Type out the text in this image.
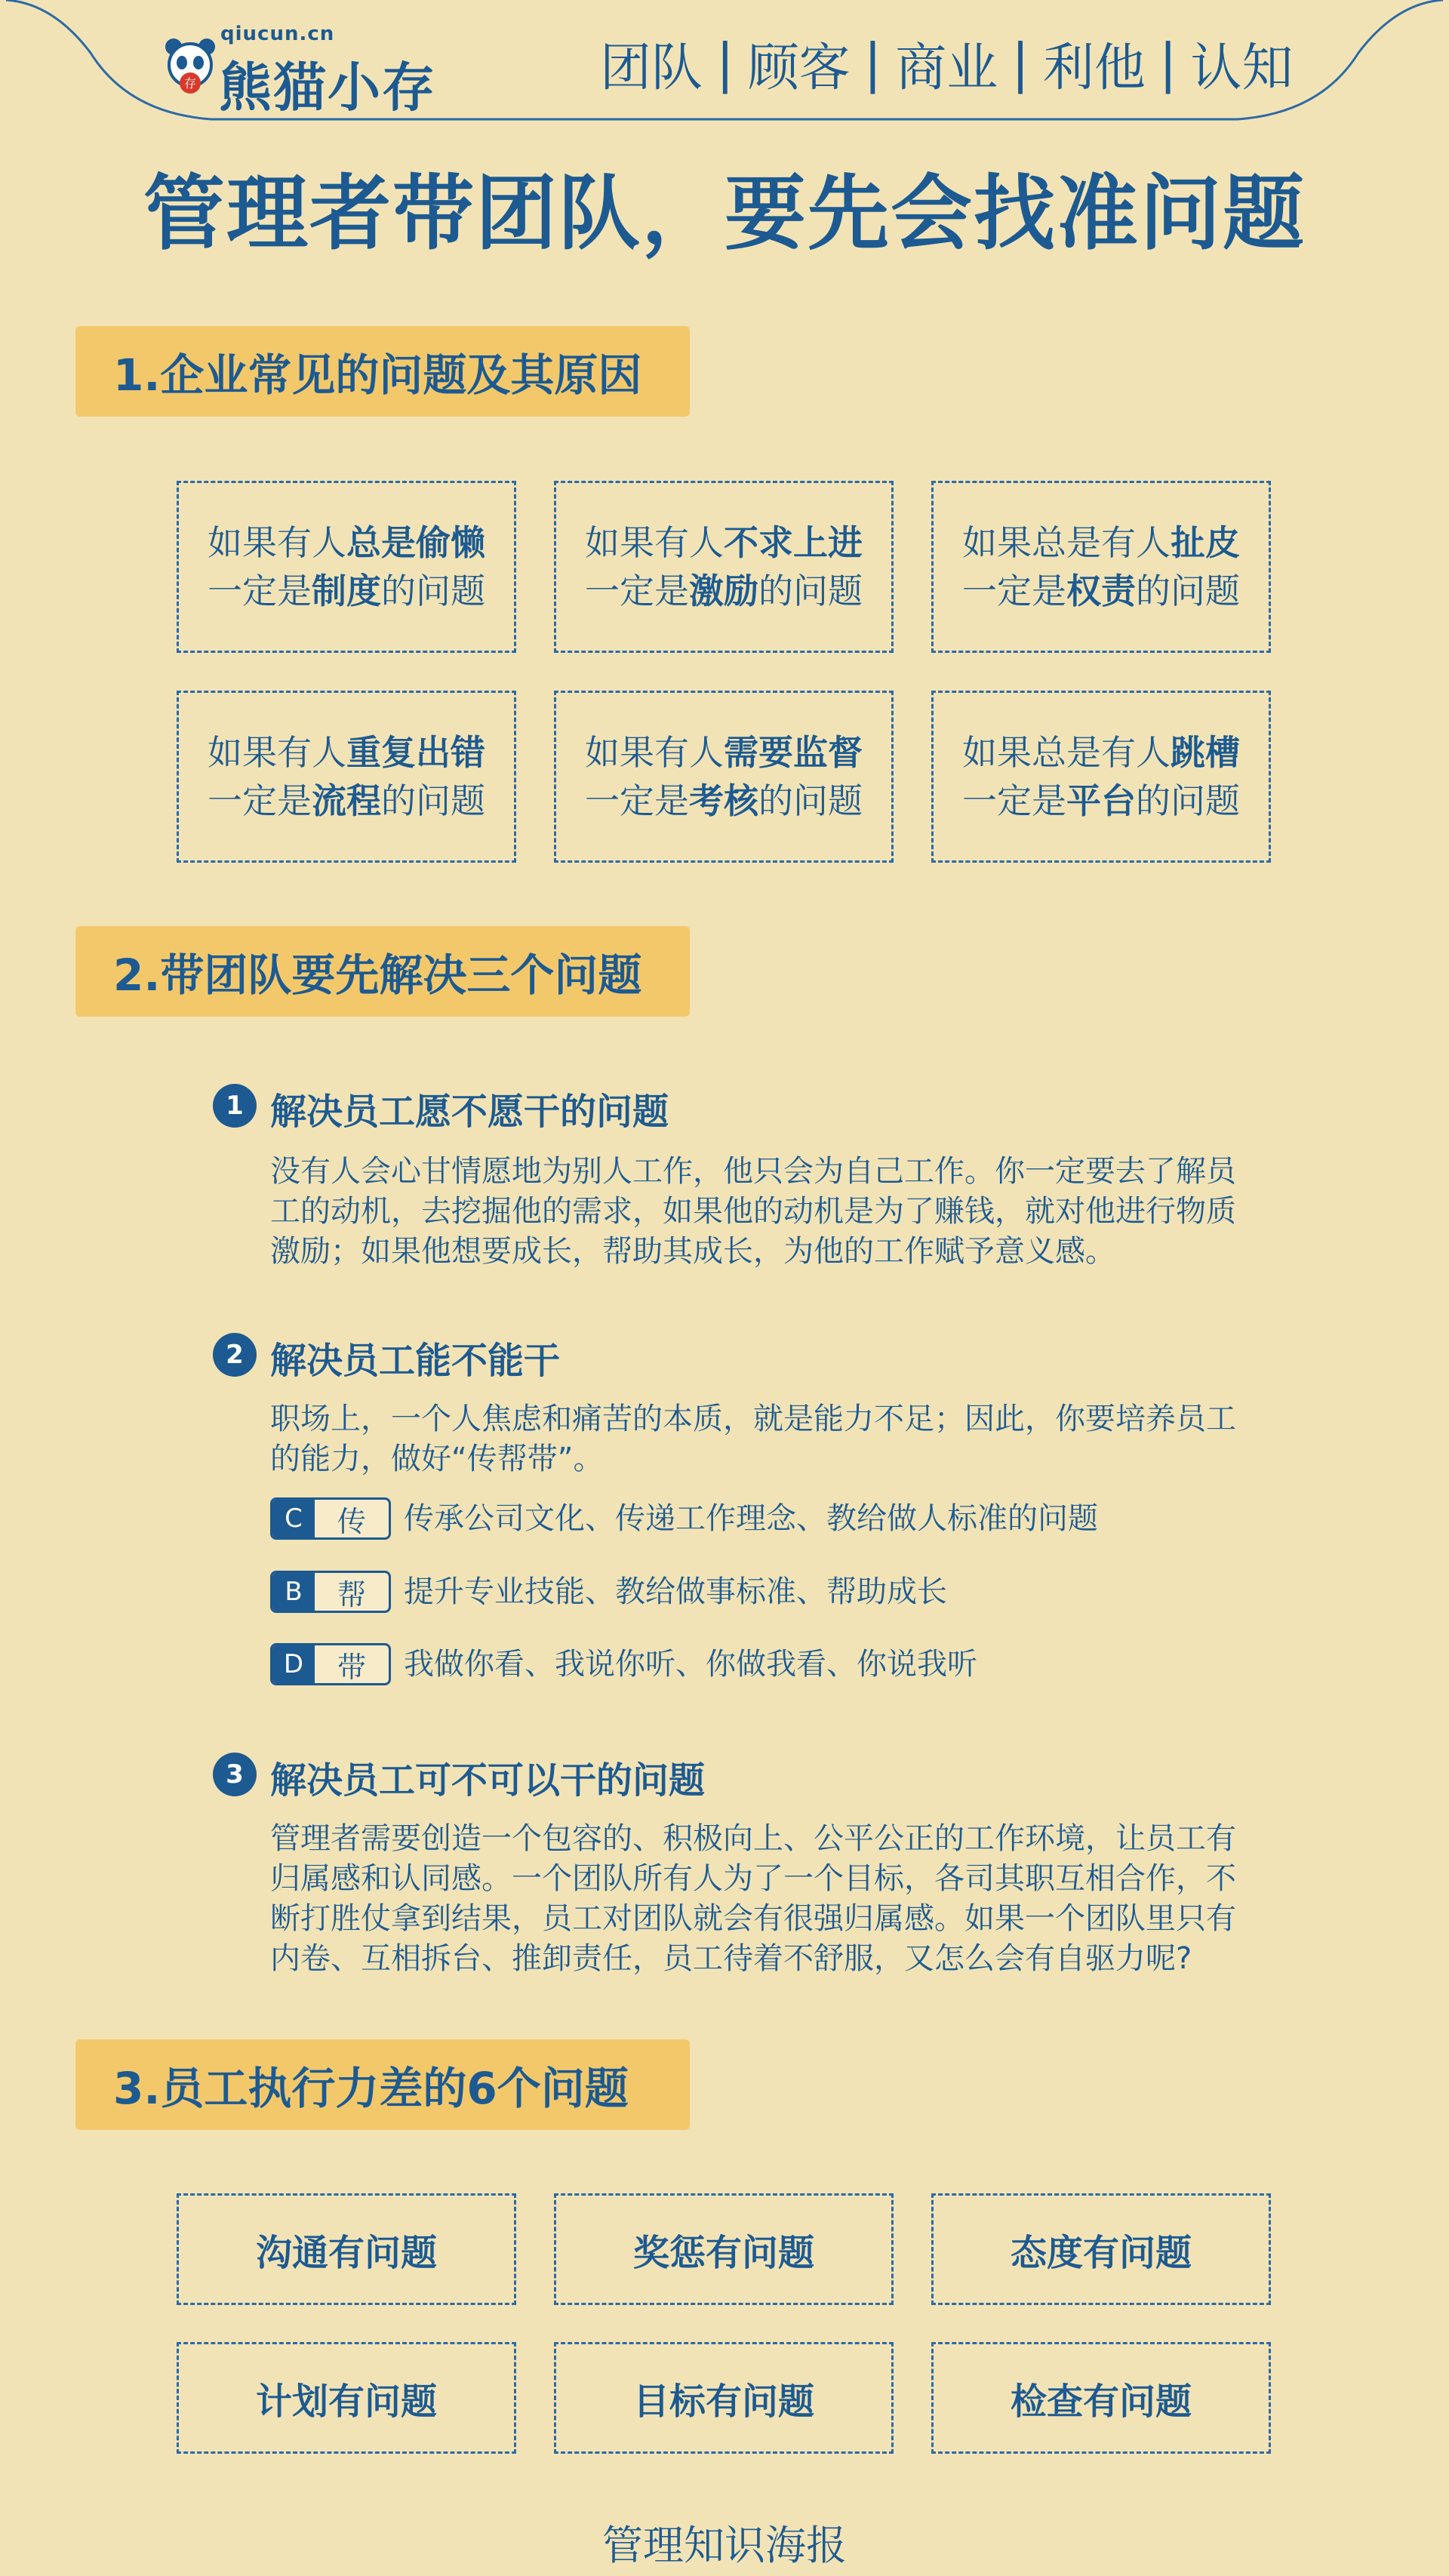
存
qiucun.cn
熊猫小存	团队 | 顾客 | 商业 | 利他 | 认知
管理者带团队，要先会找准问题
1.企业常见的问题及其原因
如果有人总是偷懒
一定是制度的问题
如果有人不求上进
一定是激励的问题
如果总是有人扯皮
一定是权责的问题
如果有人重复出错
一定是流程的问题
如果有人需要监督
一定是考核的问题
如果总是有人跳槽
一定是平台的问题
2.带团队要先解决三个问题
1 解决员工愿不愿干的问题
没有人会心甘情愿地为别人工作，他只会为自己工作。你一定要去了解员
工的动机，去挖掘他的需求，如果他的动机是为了赚钱，就对他进行物质
激励；如果他想要成长，帮助其成长，为他的工作赋予意义感。
2 解决员工能不能干
职场上，一个人焦虑和痛苦的本质，就是能力不足；因此，你要培养员工
的能力，做好“传帮带”。
C	传	传承公司文化、传递工作理念、教给做人标准的问题
B	帮	提升专业技能、教给做事标准、帮助成长
D	带	我做你看、我说你听、你做我看、你说我听
3 解决员工可不可以干的问题
管理者需要创造一个包容的、积极向上、公平公正的工作环境，让员工有
归属感和认同感。一个团队所有人为了一个目标，各司其职互相合作，不
断打胜仗拿到结果，员工对团队就会有很强归属感。如果一个团队里只有
内卷、互相拆台、推卸责任，员工待着不舒服，又怎么会有自驱力呢?
3.员工执行力差的6个问题
沟通有问题	奖惩有问题	态度有问题
计划有问题	目标有问题	检查有问题
管理知识海报
